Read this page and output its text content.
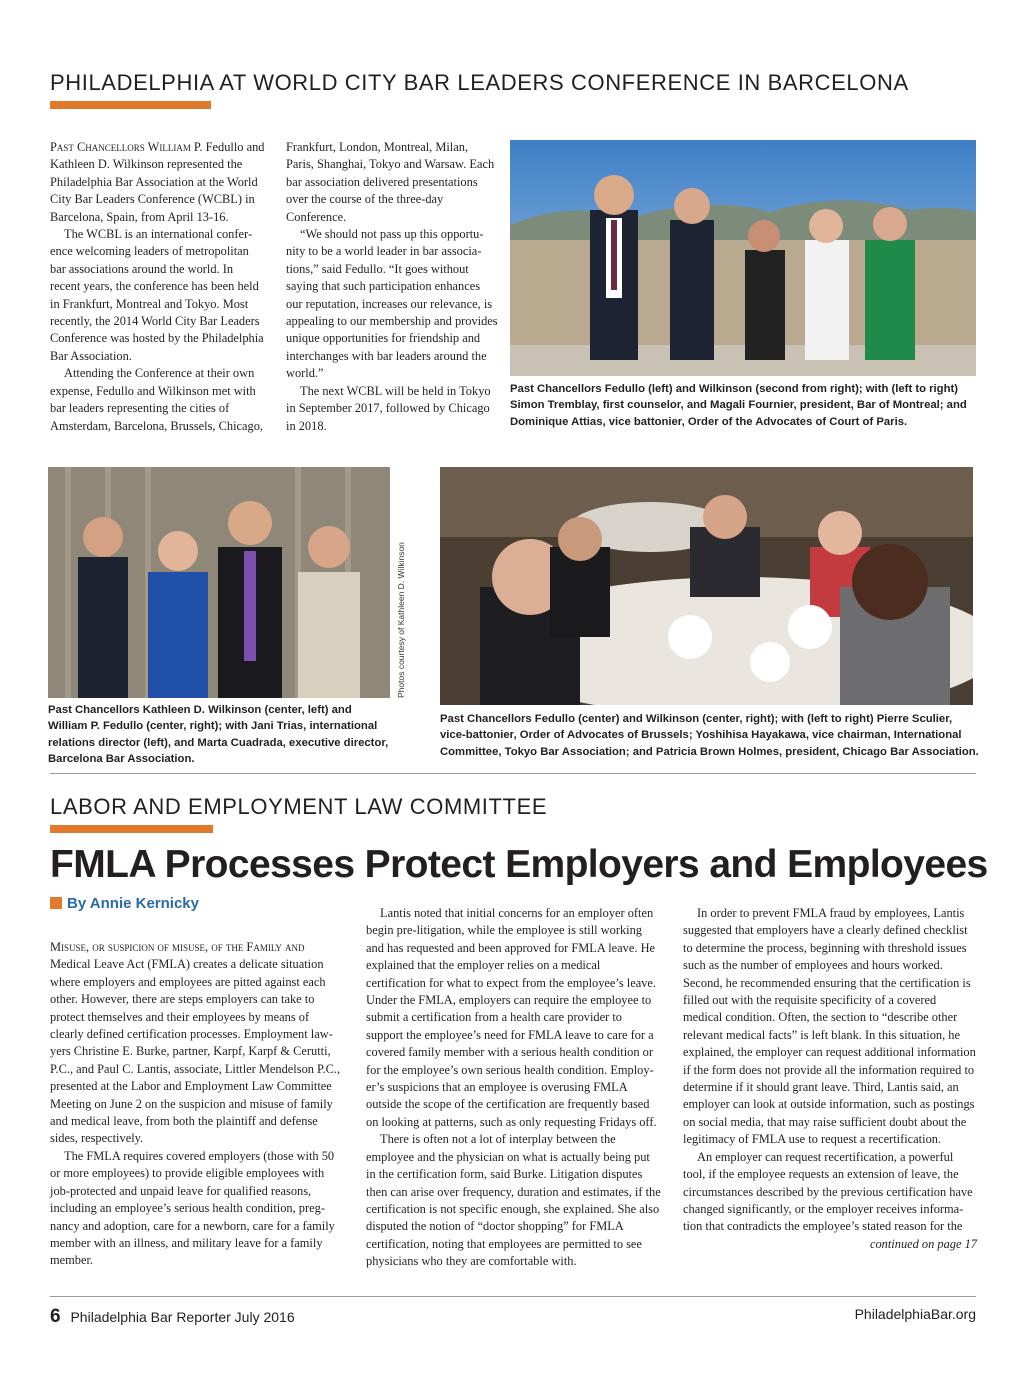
PHILADELPHIA AT WORLD CITY BAR LEADERS CONFERENCE IN BARCELONA

Past Chancellors William P. Fedullo and Kathleen D. Wilkinson represented the Philadelphia Bar Association at the World City Bar Leaders Conference (WCBL) in Barcelona, Spain, from April 13-16.

The WCBL is an international conference welcoming leaders of metropolitan bar associations around the world. In recent years, the conference has been held in Frankfurt, Montreal and Tokyo. Most recently, the 2014 World City Bar Leaders Conference was hosted by the Philadelphia Bar Association.

Attending the Conference at their own expense, Fedullo and Wilkinson met with bar leaders representing the cities of Amsterdam, Barcelona, Brussels, Chicago,

Frankfurt, London, Montreal, Milan, Paris, Shanghai, Tokyo and Warsaw. Each bar association delivered presentations over the course of the three-day Conference.

“We should not pass up this opportunity to be a world leader in bar associations,” said Fedullo. “It goes without saying that such participation enhances our reputation, increases our relevance, is appealing to our membership and provides unique opportunities for friendship and interchanges with bar leaders around the world.”

The next WCBL will be held in Tokyo in September 2017, followed by Chicago in 2018.

Past Chancellors Fedullo (left) and Wilkinson (second from right); with (left to right) Simon Tremblay, first counselor, and Magali Fournier, president, Bar of Montreal; and Dominique Attias, vice battonier, Order of the Advocates of Court of Paris.
Photos courtesy of Kathleen D. Wilkinson
Past Chancellors Kathleen D. Wilkinson (center, left) and William P. Fedullo (center, right); with Jani Trias, international relations director (left), and Marta Cuadrada, executive director, Barcelona Bar Association.
Past Chancellors Fedullo (center) and Wilkinson (center, right); with (left to right) Pierre Sculier, vice-battonier, Order of Advocates of Brussels; Yoshihisa Hayakawa, vice chairman, International Committee, Tokyo Bar Association; and Patricia Brown Holmes, president, Chicago Bar Association.
LABOR AND EMPLOYMENT LAW COMMITTEE
FMLA Processes Protect Employers and Employees
By Annie Kernicky

Misuse, or suspicion of misuse, of the Family and Medical Leave Act (FMLA) creates a delicate situation where employers and employees are pitted against each other. However, there are steps employers can take to protect themselves and their employees by means of clearly defined certification processes. Employment lawyers Christine E. Burke, partner, Karpf, Karpf & Cerutti, P.C., and Paul C. Lantis, associate, Littler Mendelson P.C., presented at the Labor and Employment Law Committee Meeting on June 2 on the suspicion and misuse of family and medical leave, from both the plaintiff and defense sides, respectively.

The FMLA requires covered employers (those with 50 or more employees) to provide eligible employees with job-protected and unpaid leave for qualified reasons, including an employee’s serious health condition, pregnancy and adoption, care for a newborn, care for a family member with an illness, and military leave for a family member.

Lantis noted that initial concerns for an employer often begin pre-litigation, while the employee is still working and has requested and been approved for FMLA leave. He explained that the employer relies on a medical certification for what to expect from the employee’s leave. Under the FMLA, employers can require the employee to submit a certification from a health care provider to support the employee’s need for FMLA leave to care for a covered family member with a serious health condition or for the employee’s own serious health condition. Employer’s suspicions that an employee is overusing FMLA outside the scope of the certification are frequently based on looking at patterns, such as only requesting Fridays off.

There is often not a lot of interplay between the employee and the physician on what is actually being put in the certification form, said Burke. Litigation disputes then can arise over frequency, duration and estimates, if the certification is not specific enough, she explained. She also disputed the notion of “doctor shopping” for FMLA certification, noting that employees are permitted to see physicians who they are comfortable with.

In order to prevent FMLA fraud by employees, Lantis suggested that employers have a clearly defined checklist to determine the process, beginning with threshold issues such as the number of employees and hours worked. Second, he recommended ensuring that the certification is filled out with the requisite specificity of a covered medical condition. Often, the section to “describe other relevant medical facts” is left blank. In this situation, he explained, the employer can request additional information if the form does not provide all the information required to determine if it should grant leave. Third, Lantis said, an employer can look at outside information, such as postings on social media, that may raise sufficient doubt about the legitimacy of FMLA use to request a recertification.

An employer can request recertification, a powerful tool, if the employee requests an extension of leave, the circumstances described by the previous certification have changed significantly, or the employer receives information that contradicts the employee’s stated reason for the

continued on page 17

6 Philadelphia Bar Reporter July 2016	PhiladelphiaBar.org
